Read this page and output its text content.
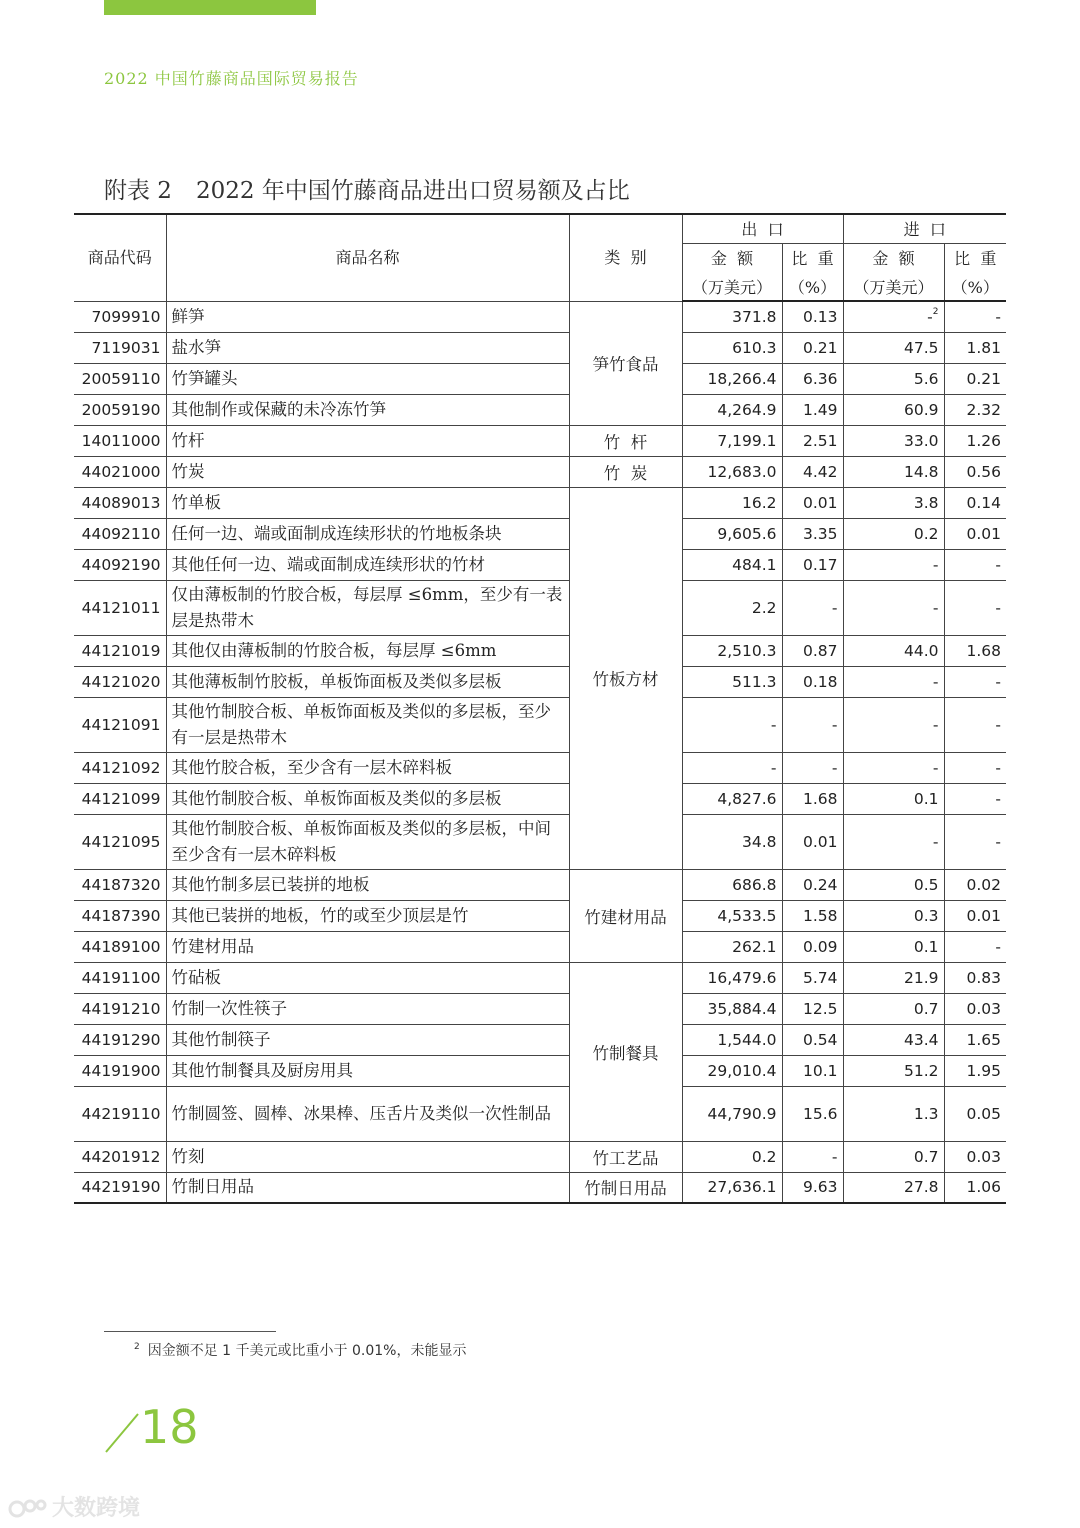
2022 中国竹藤商品国际贸易报告
附表 2 2022 年中国竹藤商品进出口贸易额及占比
商品代码	商品名称	类  别	出  口		进  口	
			金  额	比  重	金  额	比  重
			（万美元）	（%）	（万美元）	（%）
7099910	鲜笋	笋竹食品	371.8	0.13	-$^2$	-
7119031	盐水笋		610.3	0.21	47.5	1.81
20059110	竹笋罐头		18,266.4	6.36	5.6	0.21
20059190	其他制作或保藏的未冷冻竹笋		4,264.9	1.49	60.9	2.32
14011000	竹杆	竹  杆	7,199.1	2.51	33.0	1.26
44021000	竹炭	竹  炭	12,683.0	4.42	14.8	0.56
44089013	竹单板	竹板方材	16.2	0.01	3.8	0.14
44092110	任何一边、端或面制成连续形状的竹地板条块		9,605.6	3.35	0.2	0.01
44092190	其他任何一边、端或面制成连续形状的竹材		484.1	0.17	-	-
44121011	仅由薄板制的竹胶合板，每层厚 ≤6mm，至少有一表层是热带木		2.2	-	-	-
44121019	其他仅由薄板制的竹胶合板，每层厚 ≤6mm		2,510.3	0.87	44.0	1.68
44121020	其他薄板制竹胶板，单板饰面板及类似多层板		511.3	0.18	-	-
44121091	其他竹制胶合板、单板饰面板及类似的多层板，至少有一层是热带木		-	-	-	-
44121092	其他竹胶合板，至少含有一层木碎料板		-	-	-	-
44121099	其他竹制胶合板、单板饰面板及类似的多层板		4,827.6	1.68	0.1	-
44121095	其他竹制胶合板、单板饰面板及类似的多层板，中间至少含有一层木碎料板		34.8	0.01	-	-
44187320	其他竹制多层已装拼的地板	竹建材用品	686.8	0.24	0.5	0.02
44187390	其他已装拼的地板，竹的或至少顶层是竹		4,533.5	1.58	0.3	0.01
44189100	竹建材用品		262.1	0.09	0.1	-
44191100	竹砧板	竹制餐具	16,479.6	5.74	21.9	0.83
44191210	竹制一次性筷子		35,884.4	12.5	0.7	0.03
44191290	其他竹制筷子		1,544.0	0.54	43.4	1.65
44191900	其他竹制餐具及厨房用具		29,010.4	10.1	51.2	1.95
44219110	竹制圆签、圆棒、冰果棒、压舌片及类似一次性制品		44,790.9	15.6	1.3	0.05
44201912	竹刻	竹工艺品	0.2	-	0.7	0.03
44219190	竹制日用品	竹制日用品	27,636.1	9.63	27.8	1.06
$^2$ 因金额不足 1 千美元或比重小于 0.01%，未能显示
18
大数跨境
